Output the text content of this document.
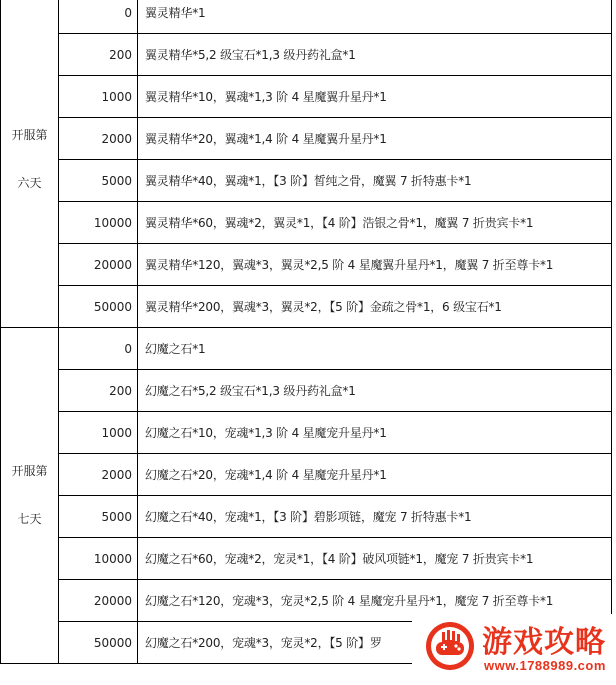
开服第六天	0	翼灵精华*1
	200	翼灵精华*5,2 级宝石*1,3 级丹药礼盒*1
	1000	翼灵精华*10，翼魂*1,3 阶 4 星魔翼升星丹*1
	2000	翼灵精华*20，翼魂*1,4 阶 4 星魔翼升星丹*1
	5000	翼灵精华*40，翼魂*1，【3 阶】皙纯之骨，魔翼 7 折特惠卡*1
	10000	翼灵精华*60，翼魂*2，翼灵*1，【4 阶】浩银之骨*1，魔翼 7 折贵宾卡*1
	20000	翼灵精华*120，翼魂*3，翼灵*2,5 阶 4 星魔翼升星丹*1，魔翼 7 折至尊卡*1
	50000	翼灵精华*200，翼魂*3，翼灵*2，【5 阶】金疏之骨*1，6 级宝石*1
开服第七天	0	幻魔之石*1
	200	幻魔之石*5,2 级宝石*1,3 级丹药礼盒*1
	1000	幻魔之石*10，宠魂*1,3 阶 4 星魔宠升星丹*1
	2000	幻魔之石*20，宠魂*1,4 阶 4 星魔宠升星丹*1
	5000	幻魔之石*40，宠魂*1，【3 阶】碧影项链，魔宠 7 折特惠卡*1
	10000	幻魔之石*60，宠魂*2，宠灵*1，【4 阶】破风项链*1，魔宠 7 折贵宾卡*1
	20000	幻魔之石*120，宠魂*3，宠灵*2,5 阶 4 星魔宠升星丹*1，魔宠 7 折至尊卡*1
	50000	幻魔之石*200，宠魂*3，宠灵*2，【5 阶】罗	游戏攻略
www.1788989.com
